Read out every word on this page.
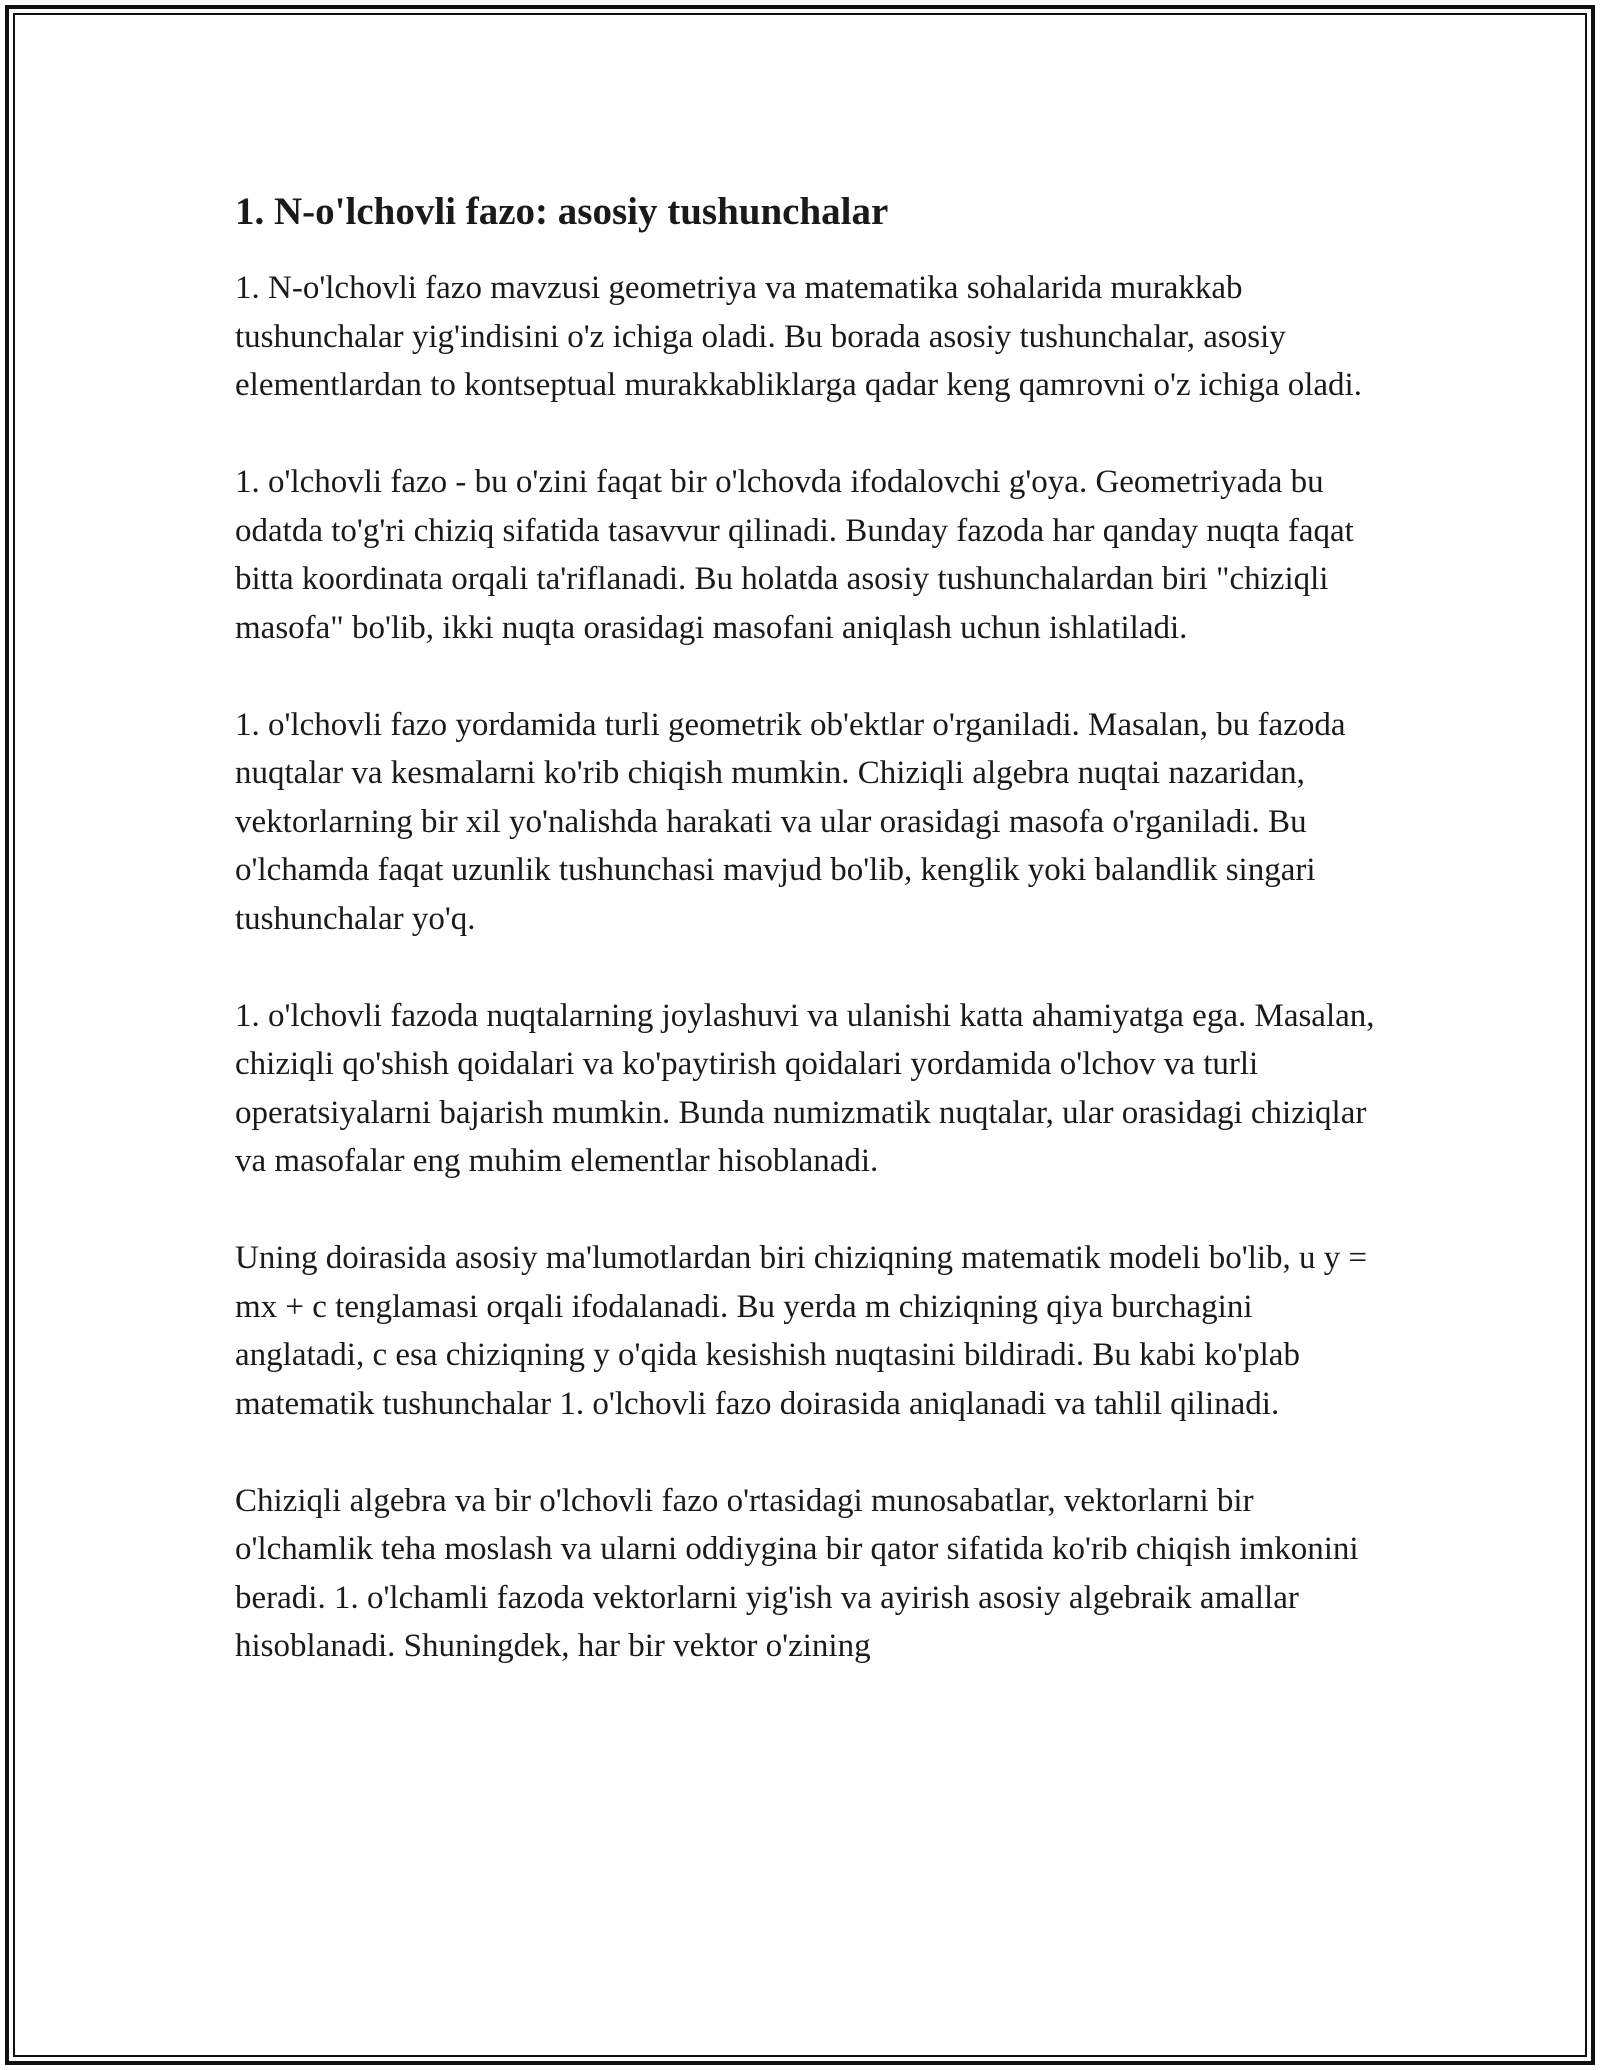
1. N-o'lchovli fazo: asosiy tushunchalar

1. N-o'lchovli fazo mavzusi geometriya va matematika sohalarida murakkab tushunchalar yig'indisini o'z ichiga oladi. Bu borada asosiy tushunchalar, asosiy elementlardan to kontseptual murakkabliklarga qadar keng qamrovni o'z ichiga oladi.

1. o'lchovli fazo - bu o'zini faqat bir o'lchovda ifodalovchi g'oya. Geometriyada bu odatda to'g'ri chiziq sifatida tasavvur qilinadi. Bunday fazoda har qanday nuqta faqat bitta koordinata orqali ta'riflanadi. Bu holatda asosiy tushunchalardan biri "chiziqli masofa" bo'lib, ikki nuqta orasidagi masofani aniqlash uchun ishlatiladi.

1. o'lchovli fazo yordamida turli geometrik ob'ektlar o'rganiladi. Masalan, bu fazoda nuqtalar va kesmalarni ko'rib chiqish mumkin. Chiziqli algebra nuqtai nazaridan, vektorlarning bir xil yo'nalishda harakati va ular orasidagi masofa o'rganiladi. Bu o'lchamda faqat uzunlik tushunchasi mavjud bo'lib, kenglik yoki balandlik singari tushunchalar yo'q.

1. o'lchovli fazoda nuqtalarning joylashuvi va ulanishi katta ahamiyatga ega. Masalan, chiziqli qo'shish qoidalari va ko'paytirish qoidalari yordamida o'lchov va turli operatsiyalarni bajarish mumkin. Bunda numizmatik nuqtalar, ular orasidagi chiziqlar va masofalar eng muhim elementlar hisoblanadi.

Uning doirasida asosiy ma'lumotlardan biri chiziqning matematik modeli bo'lib, u y = mx + c tenglamasi orqali ifodalanadi. Bu yerda m chiziqning qiya burchagini anglatadi, c esa chiziqning y o'qida kesishish nuqtasini bildiradi. Bu kabi ko'plab matematik tushunchalar 1. o'lchovli fazo doirasida aniqlanadi va tahlil qilinadi.

Chiziqli algebra va bir o'lchovli fazo o'rtasidagi munosabatlar, vektorlarni bir o'lchamlik teha moslash va ularni oddiygina bir qator sifatida ko'rib chiqish imkonini beradi. 1. o'lchamli fazoda vektorlarni yig'ish va ayirish asosiy algebraik amallar hisoblanadi. Shuningdek, har bir vektor o'zining
